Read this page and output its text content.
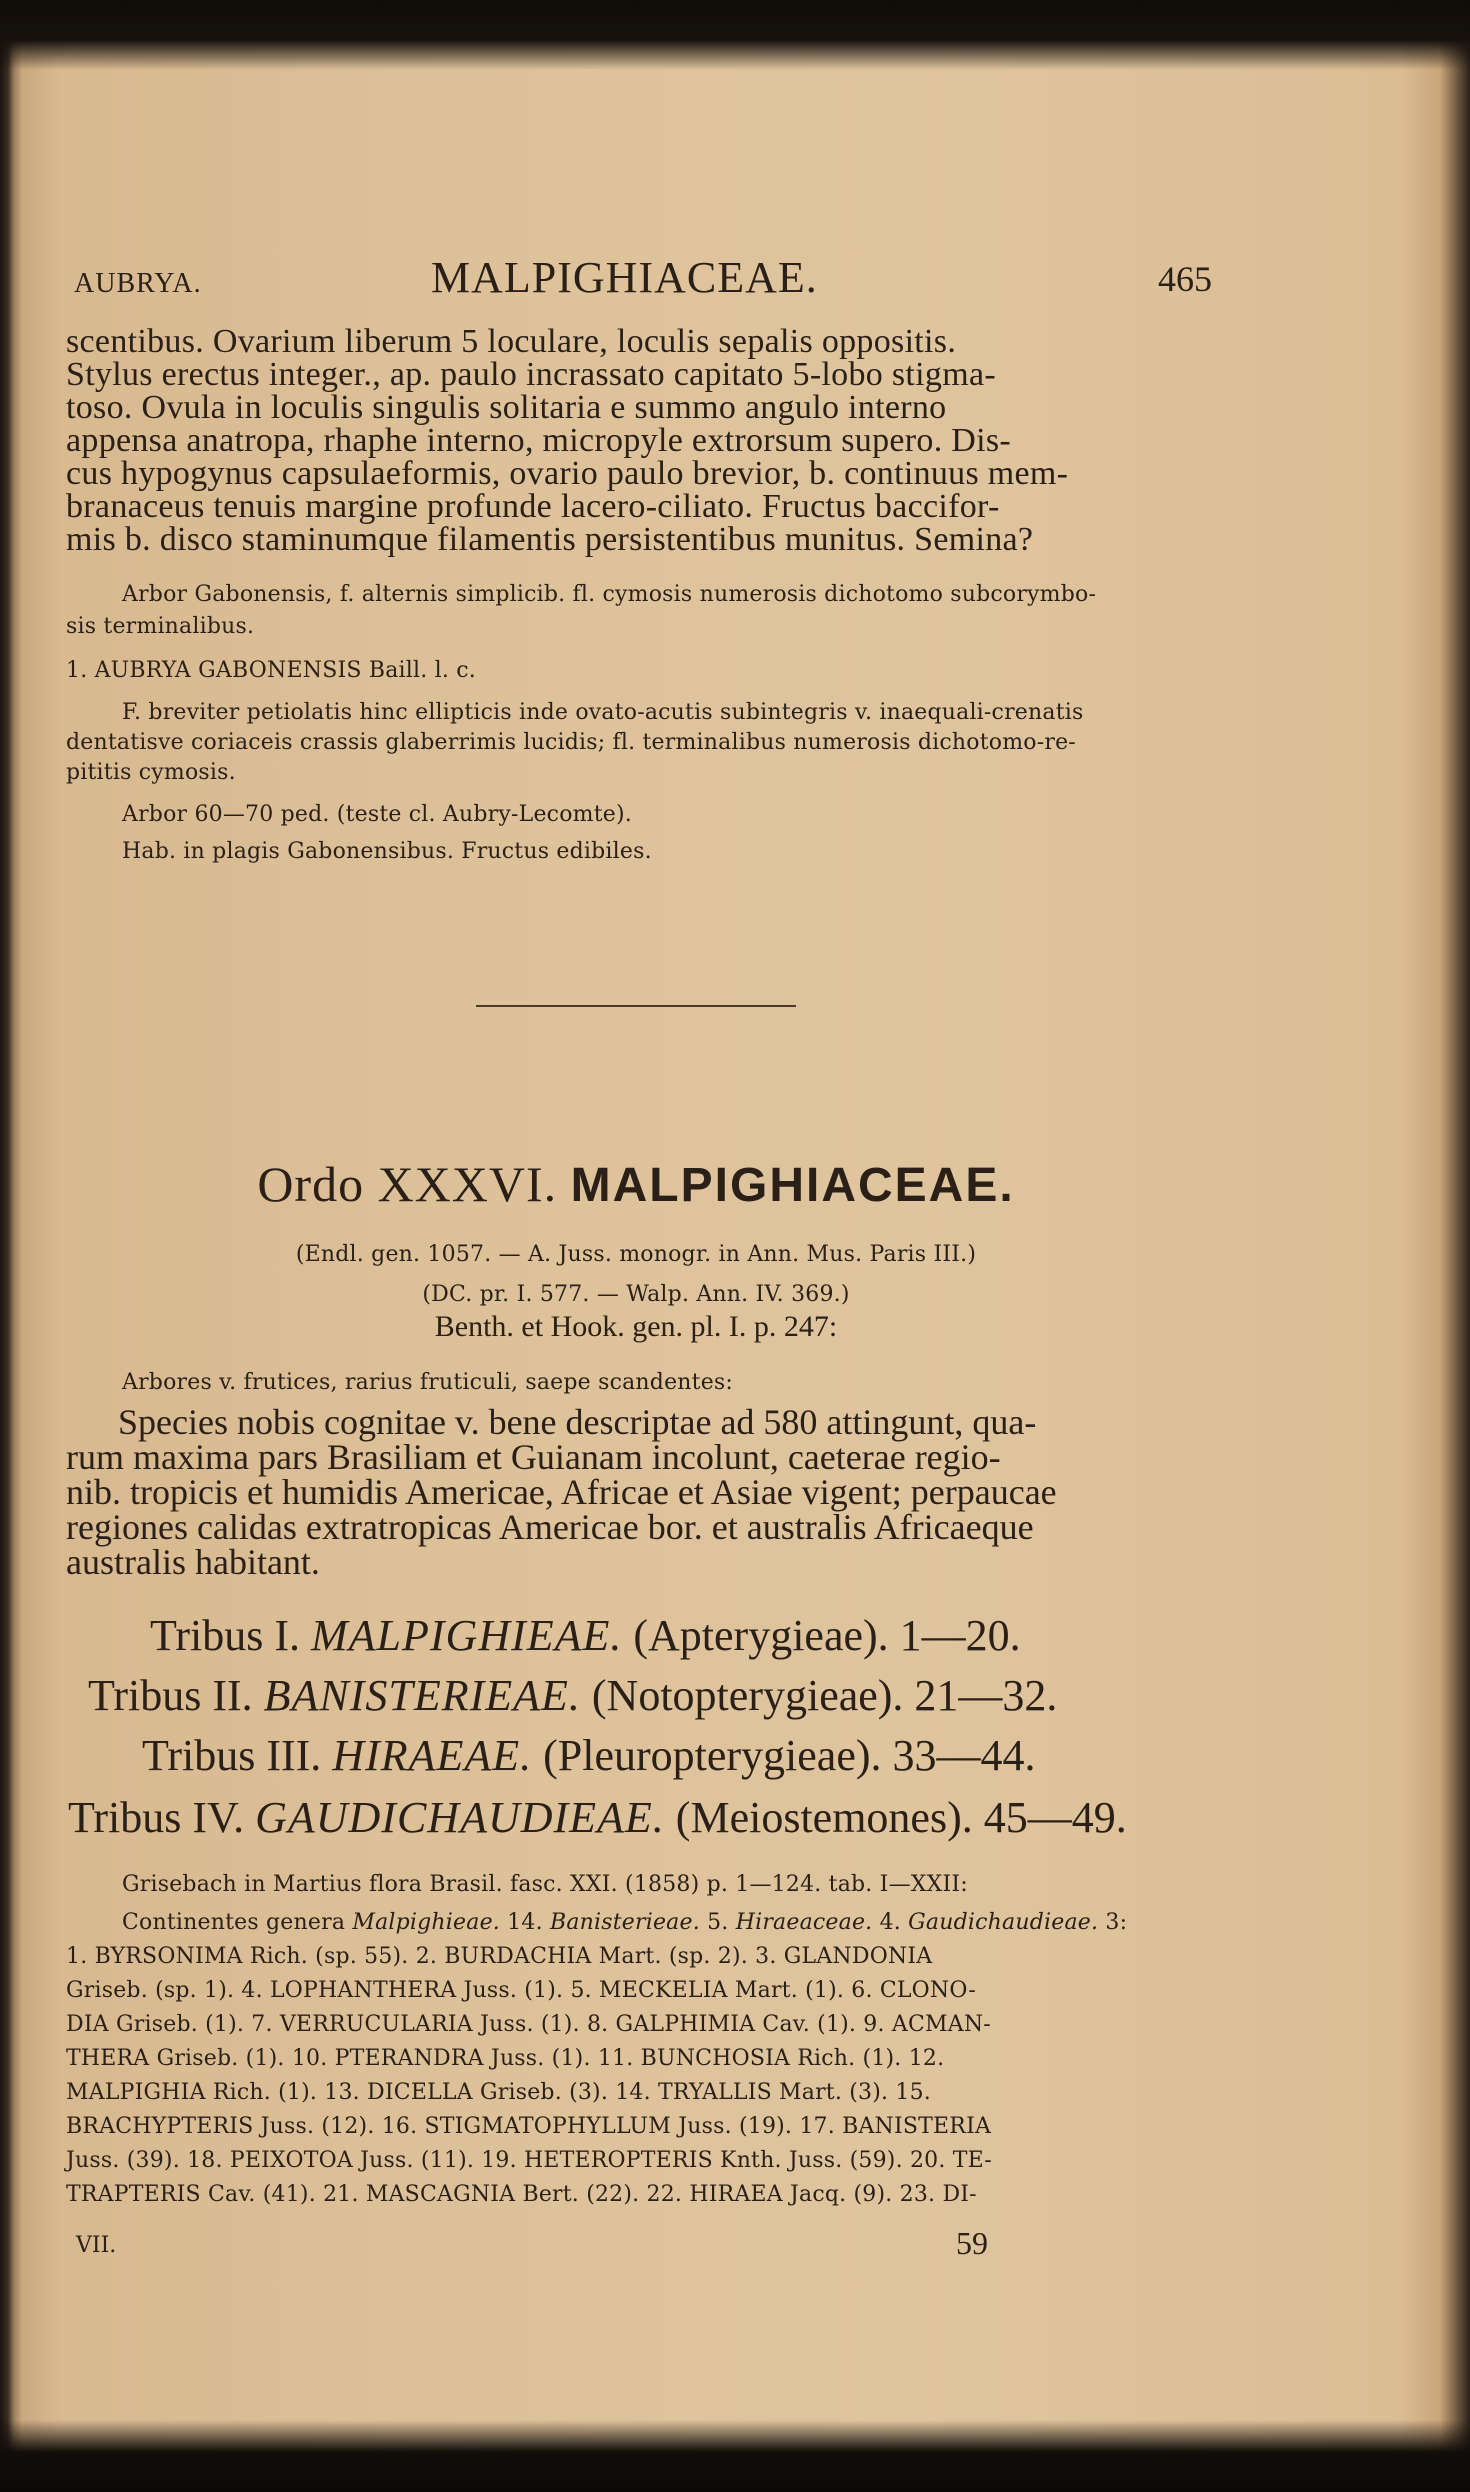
AUBRYA.	MALPIGHIACEAE.	465
scentibus. Ovarium liberum 5 loculare, loculis sepalis oppositis.
Stylus erectus integer., ap. paulo incrassato capitato 5-lobo stigma-
toso. Ovula in loculis singulis solitaria e summo angulo interno
appensa anatropa, rhaphe interno, micropyle extrorsum supero. Dis-
cus hypogynus capsulaeformis, ovario paulo brevior, b. continuus mem-
branaceus tenuis margine profunde lacero-ciliato. Fructus baccifor-
mis b. disco staminumque filamentis persistentibus munitus. Semina?
Arbor Gabonensis, f. alternis simplicib. fl. cymosis numerosis dichotomo subcorymbo-
sis terminalibus.
1. AUBRYA GABONENSIS Baill. l. c.
F. breviter petiolatis hinc ellipticis inde ovato-acutis subintegris v. inaequali-crenatis
dentatisve coriaceis crassis glaberrimis lucidis; fl. terminalibus numerosis dichotomo-re-
pititis cymosis.
Arbor 60—70 ped. (teste cl. Aubry-Lecomte).
Hab. in plagis Gabonensibus. Fructus edibiles.
Ordo XXXVI. MALPIGHIACEAE.
(Endl. gen. 1057. — A. Juss. monogr. in Ann. Mus. Paris III.)
(DC. pr. I. 577. — Walp. Ann. IV. 369.)
Benth. et Hook. gen. pl. I. p. 247:
Arbores v. frutices, rarius fruticuli, saepe scandentes:
Species nobis cognitae v. bene descriptae ad 580 attingunt, qua-
rum maxima pars Brasiliam et Guianam incolunt, caeterae regio-
nib. tropicis et humidis Americae, Africae et Asiae vigent; perpaucae
regiones calidas extratropicas Americae bor. et australis Africaeque
australis habitant.
Tribus I. MALPIGHIEAE. (Apterygieae). 1—20.
Tribus II. BANISTERIEAE. (Notopterygieae). 21—32.
Tribus III. HIRAEAE. (Pleuropterygieae). 33—44.
Tribus IV. GAUDICHAUDIEAE. (Meiostemones). 45—49.
Grisebach in Martius flora Brasil. fasc. XXI. (1858) p. 1—124. tab. I—XXII:
Continentes genera Malpighieae. 14. Banisterieae. 5. Hiraeaceae. 4. Gaudichaudieae. 3:
1. BYRSONIMA Rich. (sp. 55). 2. BURDACHIA Mart. (sp. 2). 3. GLANDONIA
Griseb. (sp. 1). 4. LOPHANTHERA Juss. (1). 5. MECKELIA Mart. (1). 6. CLONO-
DIA Griseb. (1). 7. VERRUCULARIA Juss. (1). 8. GALPHIMIA Cav. (1). 9. ACMAN-
THERA Griseb. (1). 10. PTERANDRA Juss. (1). 11. BUNCHOSIA Rich. (1). 12.
MALPIGHIA Rich. (1). 13. DICELLA Griseb. (3). 14. TRYALLIS Mart. (3). 15.
BRACHYPTERIS Juss. (12). 16. STIGMATOPHYLLUM Juss. (19). 17. BANISTERIA
Juss. (39). 18. PEIXOTOA Juss. (11). 19. HETEROPTERIS Knth. Juss. (59). 20. TE-
TRAPTERIS Cav. (41). 21. MASCAGNIA Bert. (22). 22. HIRAEA Jacq. (9). 23. DI-
VII.	59
